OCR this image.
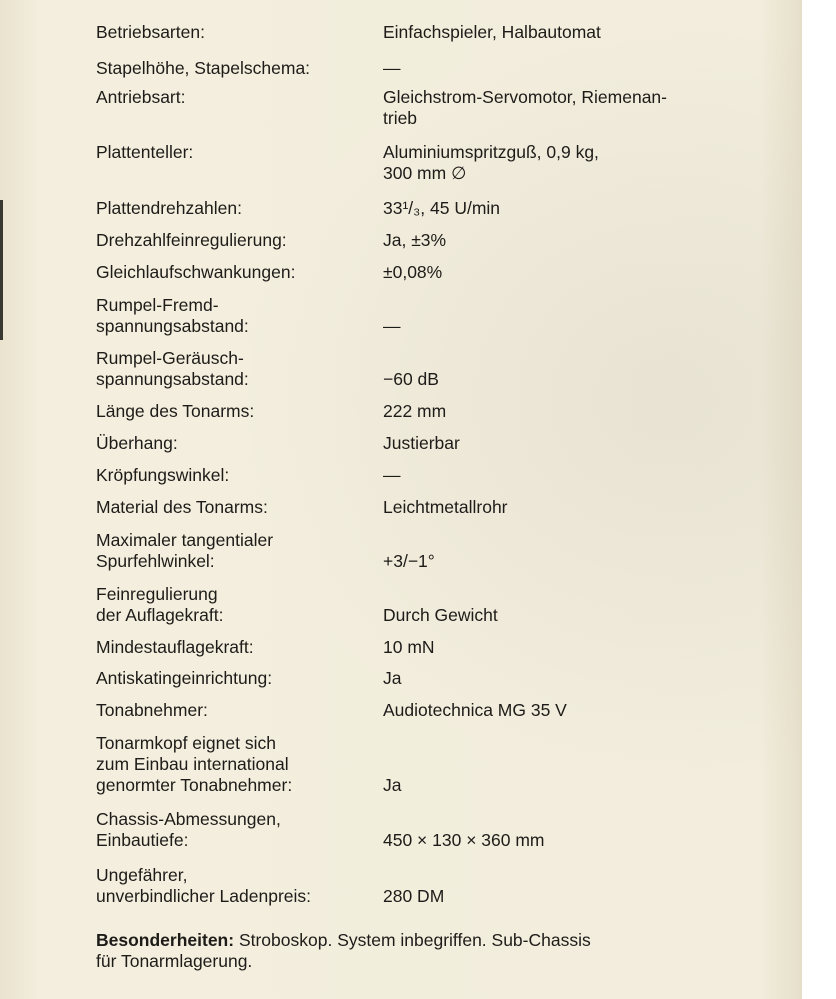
Betriebsarten:	Einfachspieler, Halbautomat
Stapelhöhe, Stapelschema:	—
Antriebsart:	Gleichstrom-Servomotor, Riemenan-
trieb
Plattenteller:	Aluminiumspritzguß, 0,9 kg,
300 mm ∅
Plattendrehzahlen:	33¹/₃, 45 U/min
Drehzahlfeinregulierung:	Ja, ±3%
Gleichlaufschwankungen:	±0,08%
Rumpel-Fremd-
spannungsabstand:	—
Rumpel-Geräusch-
spannungsabstand:	−60 dB
Länge des Tonarms:	222 mm
Überhang:	Justierbar
Kröpfungswinkel:	—
Material des Tonarms:	Leichtmetallrohr
Maximaler tangentialer
Spurfehlwinkel:	+3/−1°
Feinregulierung
der Auflagekraft:	Durch Gewicht
Mindestauflagekraft:	10 mN
Antiskatingeinrichtung:	Ja
Tonabnehmer:	Audiotechnica MG 35 V
Tonarmkopf eignet sich
zum Einbau international
genormter Tonabnehmer:	Ja
Chassis-Abmessungen,
Einbautiefe:	450 × 130 × 360 mm
Ungefährer,
unverbindlicher Ladenpreis:	280 DM
Besonderheiten: Stroboskop. System inbegriffen. Sub-Chassis
für Tonarmlagerung.
